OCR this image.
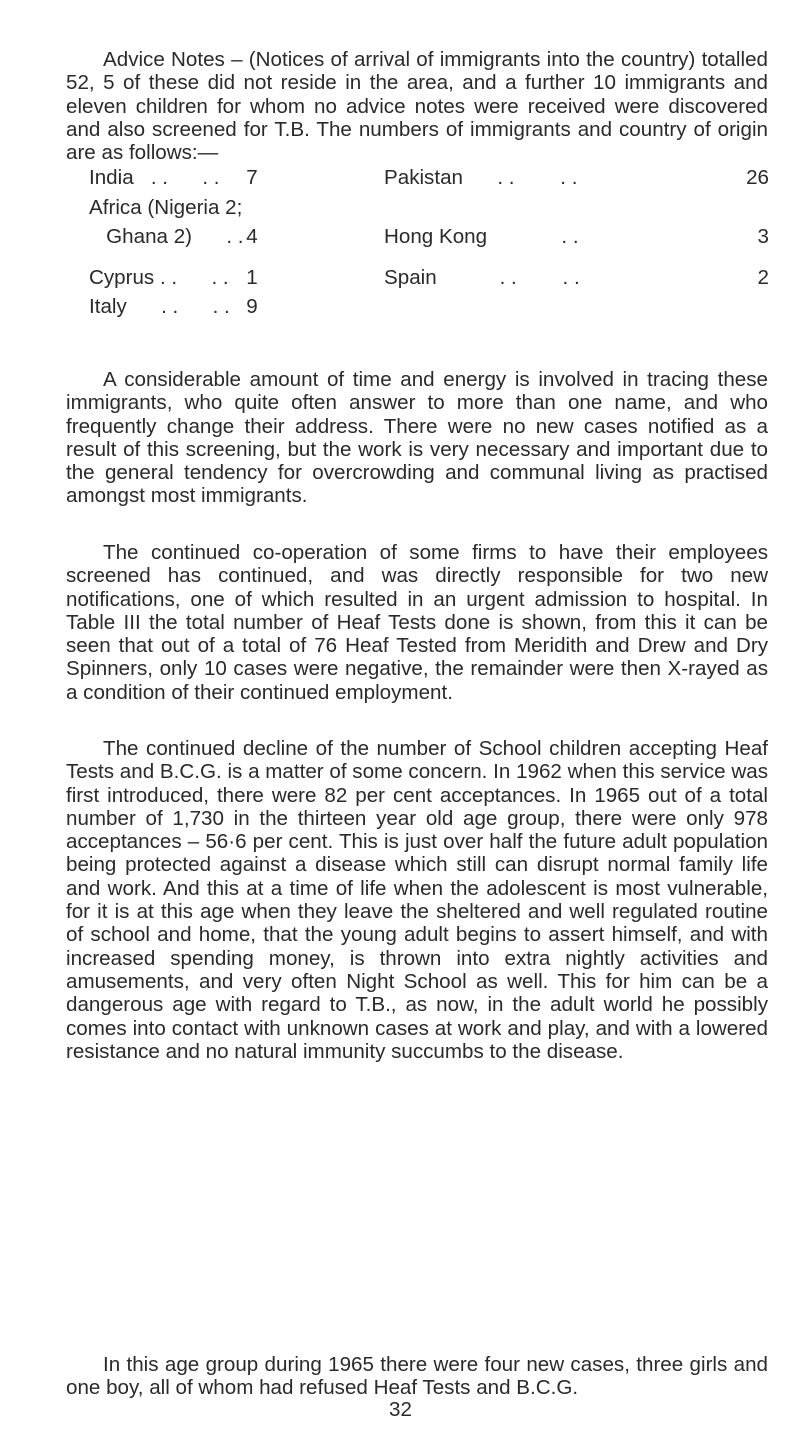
Advice Notes – (Notices of arrival of immigrants into the country) totalled 52, 5 of these did not reside in the area, and a further 10 immigrants and eleven children for whom no advice notes were received were discovered and also screened for T.B. The numbers of immigrants and country of origin are as follows:—

India   . .      . .	7	Pakistan      . .        . .	26
Africa (Nigeria 2;
Ghana 2)      . . 4	Hong Kong             . .	3
Cyprus . .      . . 1	Spain           . .        . .	2
Italy      . .      . . 9

A considerable amount of time and energy is involved in tracing these immigrants, who quite often answer to more than one name, and who frequently change their address. There were no new cases notified as a result of this screening, but the work is very necessary and important due to the general tendency for overcrowding and communal living as practised amongst most immigrants.

The continued co-operation of some firms to have their employees screened has continued, and was directly responsible for two new notifications, one of which resulted in an urgent admission to hospital. In Table III the total number of Heaf Tests done is shown, from this it can be seen that out of a total of 76 Heaf Tested from Meridith and Drew and Dry Spinners, only 10 cases were negative, the remainder were then X-rayed as a condition of their continued employment.

The continued decline of the number of School children accepting Heaf Tests and B.C.G. is a matter of some concern. In 1962 when this service was first introduced, there were 82 per cent acceptances. In 1965 out of a total number of 1,730 in the thirteen year old age group, there were only 978 acceptances – 56·6 per cent. This is just over half the future adult population being protected against a disease which still can disrupt normal family life and work. And this at a time of life when the adolescent is most vulnerable, for it is at this age when they leave the sheltered and well regulated routine of school and home, that the young adult begins to assert himself, and with increased spending money, is thrown into extra nightly activities and amusements, and very often Night School as well. This for him can be a dangerous age with regard to T.B., as now, in the adult world he possibly comes into contact with unknown cases at work and play, and with a lowered resistance and no natural immunity succumbs to the disease.

In this age group during 1965 there were four new cases, three girls and one boy, all of whom had refused Heaf Tests and B.C.G.

32
